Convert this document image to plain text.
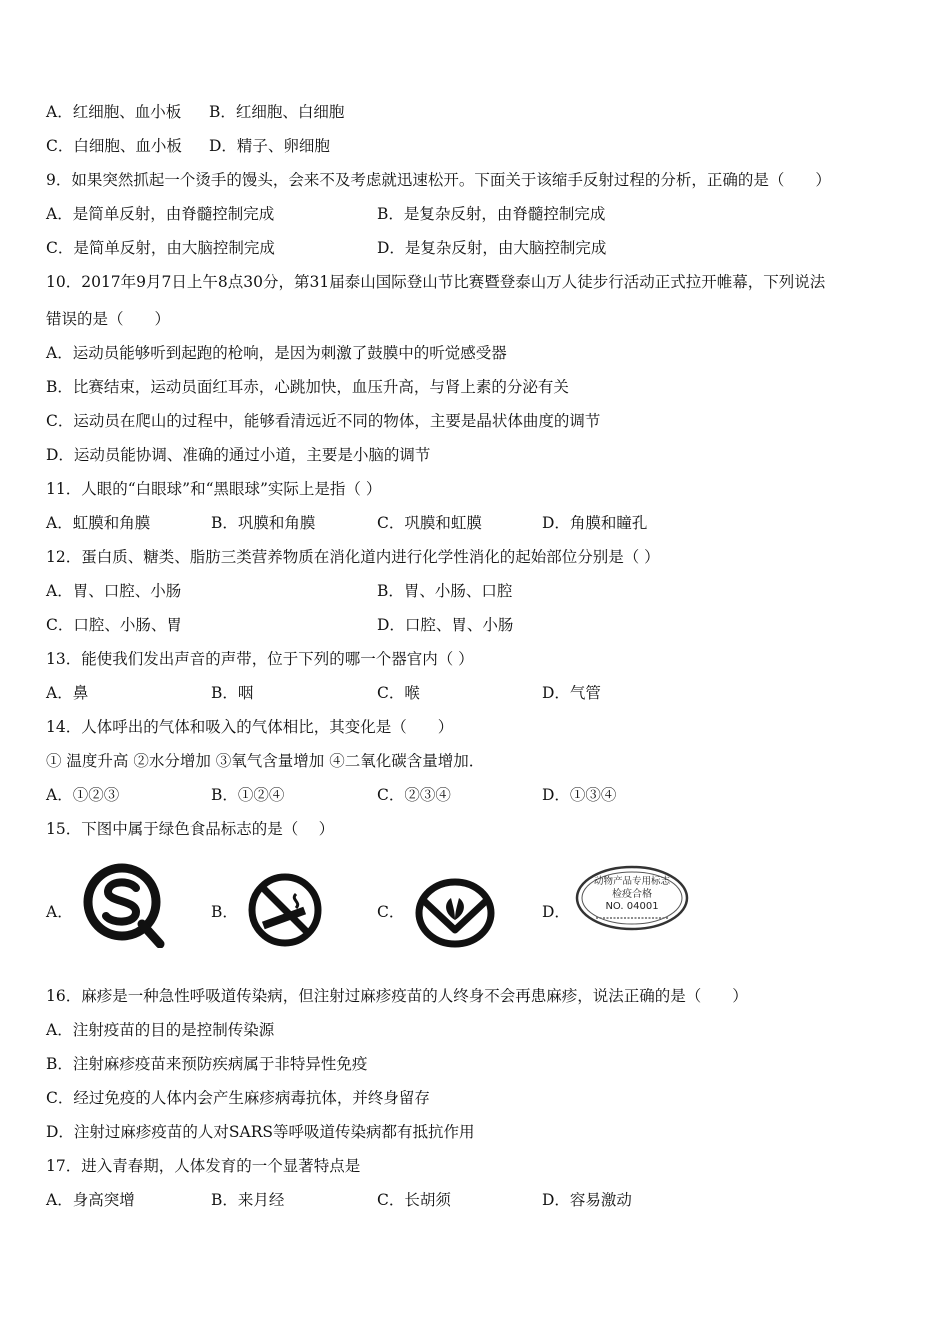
A．红细胞、血小板 B．红细胞、白细胞
C．白细胞、血小板 D．精子、卵细胞
9．如果突然抓起一个烫手的馒头，会来不及考虑就迅速松开。下面关于该缩手反射过程的分析，正确的是（　　）
A．是简单反射，由脊髓控制完成	B．是复杂反射，由脊髓控制完成
C．是简单反射，由大脑控制完成	D．是复杂反射，由大脑控制完成
10．2017年9月7日上午8点30分，第31届泰山国际登山节比赛暨登泰山万人徒步行活动正式拉开帷幕，下列说法
错误的是（　　）
A．运动员能够听到起跑的枪响，是因为刺激了鼓膜中的听觉感受器
B．比赛结束，运动员面红耳赤，心跳加快，血压升高，与肾上素的分泌有关
C．运动员在爬山的过程中，能够看清远近不同的物体，主要是晶状体曲度的调节
D．运动员能协调、准确的通过小道，主要是小脑的调节
11．人眼的“白眼球”和“黑眼球”实际上是指（ ）
A．虹膜和角膜	B．巩膜和角膜	C．巩膜和虹膜	D．角膜和瞳孔
12．蛋白质、糖类、脂肪三类营养物质在消化道内进行化学性消化的起始部位分别是（ ）
A．胃、口腔、小肠	B．胃、小肠、口腔
C．口腔、小肠、胃	D．口腔、胃、小肠
13．能使我们发出声音的声带，位于下列的哪一个器官内（ ）
A．鼻	B．咽	C．喉	D．气管
14．人体呼出的气体和吸入的气体相比，其变化是（　　）
① 温度升高 ②水分增加 ③氧气含量增加 ④二氧化碳含量增加．
A．①②③	B．①②④	C．②③④	D．①③④
15．下图中属于绿色食品标志的是（　 ）
A．	B．	C．	D．
动物产品专用标志
检疫合格
NO. 04001
16．麻疹是一种急性呼吸道传染病，但注射过麻疹疫苗的人终身不会再患麻疹，说法正确的是（　　）
A．注射疫苗的目的是控制传染源
B．注射麻疹疫苗来预防疾病属于非特异性免疫
C．经过免疫的人体内会产生麻疹病毒抗体，并终身留存
D．注射过麻疹疫苗的人对SARS等呼吸道传染病都有抵抗作用
17．进入青春期，人体发育的一个显著特点是
A．身高突增	B．来月经	C．长胡须	D．容易激动
